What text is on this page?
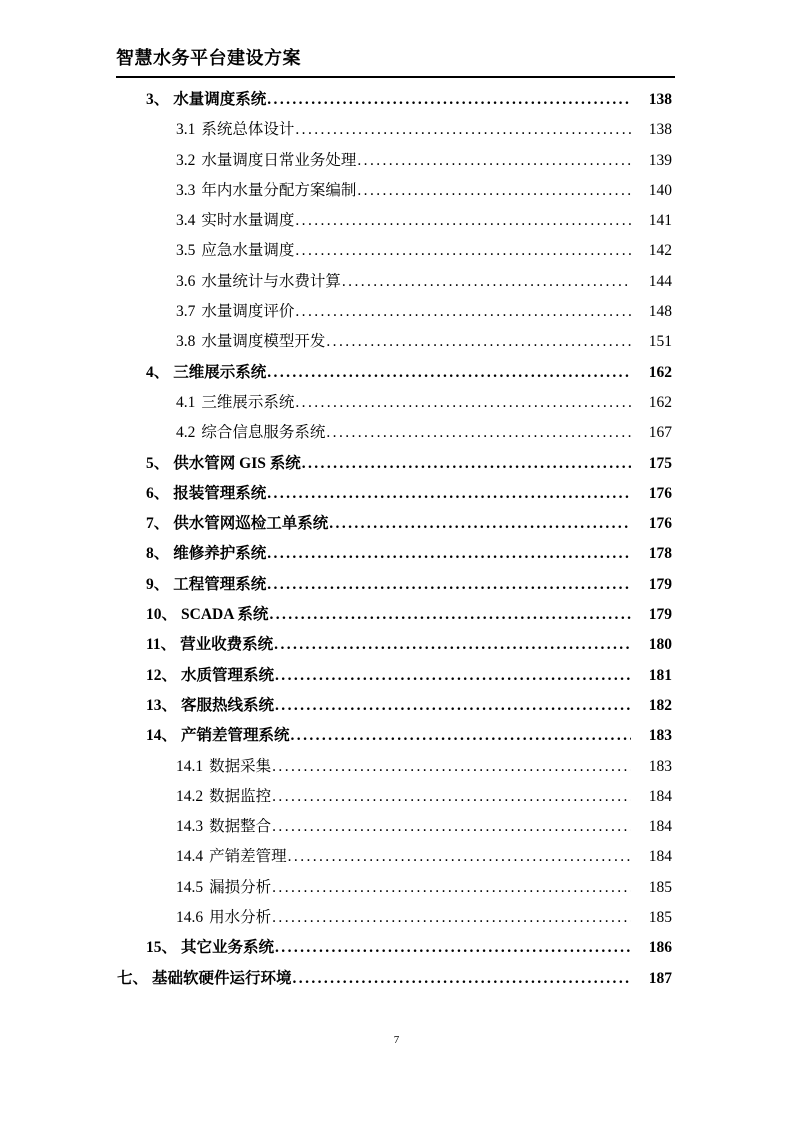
智慧水务平台建设方案
3、 水量调度系统 .....	138
3.1 系统总体设计 .....	138
3.2 水量调度日常业务处理 .....	139
3.3 年内水量分配方案编制 .....	140
3.4 实时水量调度 .....	141
3.5 应急水量调度 .....	142
3.6 水量统计与水费计算 .....	144
3.7 水量调度评价 .....	148
3.8 水量调度模型开发 .....	151
4、 三维展示系统 .....	162
4.1 三维展示系统 .....	162
4.2 综合信息服务系统 .....	167
5、 供水管网 GIS 系统 .....	175
6、 报装管理系统 .....	176
7、 供水管网巡检工单系统 .....	176
8、 维修养护系统 .....	178
9、 工程管理系统 .....	179
10、 SCADA 系统 .....	179
11、 营业收费系统 .....	180
12、 水质管理系统 .....	181
13、 客服热线系统 .....	182
14、 产销差管理系统 .....	183
14.1 数据采集 .....	183
14.2 数据监控 .....	184
14.3 数据整合 .....	184
14.4 产销差管理 .....	184
14.5 漏损分析 .....	185
14.6 用水分析 .....	185
15、 其它业务系统 .....	186
七、 基础软硬件运行环境 .....	187
7
